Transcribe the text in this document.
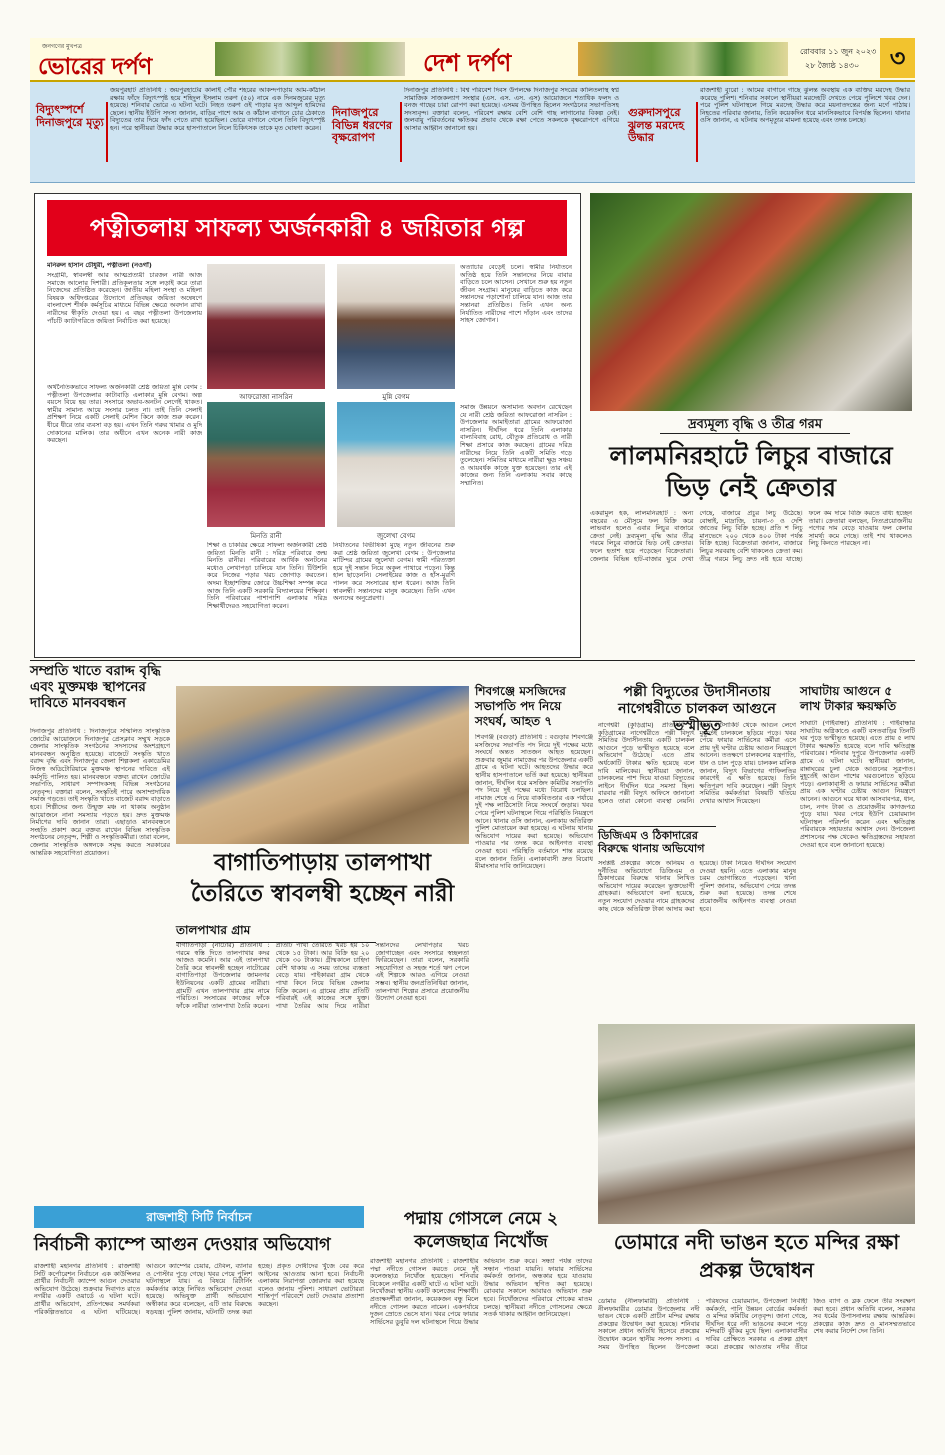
জনগণের মুখপত্র
ভোরের দর্পণ	দেশ দর্পণ	রোববার ১১ জুন ২০২৩
২৮ জ্যৈষ্ঠ ১৪৩০	৩
বিদ্যুৎস্পর্শে দিনাজপুরে মৃত্যু
জয়পুরহাট প্রতিনিধি : জয়পুরহাটের কালাই পৌর শহরের আকন্দপাড়ায় আম-কাঁঠাল রক্ষায় ফাঁদে বিদ্যুৎস্পৃষ্ট হয়ে শহিদুল ইসলাম তরুণ (৫০) নামে এক দিনমজুরের মৃত্যু হয়েছে। শনিবার ভোরে এ ঘটনা ঘটে। নিহত তরুণ ওই পাড়ার মৃত আব্দুল হামিদের ছেলে। স্থানীয় ইউপি সদস্য জানান, বাড়ির পাশে আম ও কাঁঠাল বাগানে চোর ঠেকাতে বিদ্যুতের তার দিয়ে ফাঁদ পেতে রাখা হয়েছিল। ভোরে বাগানে গেলে তিনি বিদ্যুৎস্পৃষ্ট হন। পরে স্থানীয়রা উদ্ধার করে হাসপাতালে নিলে চিকিৎসক তাকে মৃত ঘোষণা করেন।
দিনাজপুরে বিভিন্ন ধরণের বৃক্ষরোপণ
দিনাজপুর প্রতিনিধি : বিশ্ব পরিবেশ দিবস উপলক্ষে দিনাজপুর সদরের কালিতলাস্থ স্বপ্ন সামাজিক সাজকল্যাণ সংস্থার (এস. এস. এস. এস) আয়োজনে শতাধিক ফলদ ও বনজ গাছের চারা রোপণ করা হয়েছে। এসময় উপস্থিত ছিলেন সংগঠনের সভাপতিসহ সদস্যবৃন্দ। বক্তারা বলেন, পরিবেশ রক্ষায় বেশি বেশি গাছ লাগানোর বিকল্প নেই। জলবায়ু পরিবর্তনের ক্ষতিকর প্রভাব থেকে রক্ষা পেতে সকলকে বৃক্ষরোপণে এগিয়ে আসার আহ্বান জানানো হয়।
গুরুদাসপুরে ঝুলন্ত মরদেহ উদ্ধার
রাজশাহী ব্যুরো : আমের বাগানে গাছে ঝুলন্ত অবস্থায় এক ব্যক্তির মরদেহ উদ্ধার করেছে পুলিশ। শনিবার সকালে স্থানীয়রা মরদেহটি দেখতে পেয়ে পুলিশে খবর দেন। পরে পুলিশ ঘটনাস্থলে গিয়ে মরদেহ উদ্ধার করে ময়নাতদন্তের জন্য মর্গে পাঠায়। নিহতের পরিবার জানায়, তিনি কয়েকদিন ধরে মানসিকভাবে বিপর্যস্ত ছিলেন। থানার ওসি জানান, এ ঘটনায় অপমৃত্যুর মামলা হয়েছে এবং তদন্ত চলছে।
পত্নীতলায় সাফল্য অর্জনকারী ৪ জয়িতার গল্প
মনিরুল হাসান চৌধুরী, পত্নীতলা (নওগাঁ)
সংগ্রামী, স্বাবলম্বী আর আত্মপ্রত্যয়ী চারজন নারী আজ সমাজে আলোর দিশারী। প্রতিকূলতার সঙ্গে লড়াই করে তারা নিজেদের প্রতিষ্ঠিত করেছেন। জাতীয় মহিলা সংস্থা ও মহিলা বিষয়ক অধিদপ্তরের উদ্যোগে প্রতিবছর জয়িতা অন্বেষণে বাংলাদেশ শীর্ষক কর্মসূচির মাধ্যমে বিভিন্ন ক্ষেত্রে অবদান রাখা নারীদের স্বীকৃতি দেওয়া হয়। এ বছর পত্নীতলা উপজেলায় পাঁচটি ক্যাটাগরিতে জয়িতা নির্বাচিত করা হয়েছে।
অর্থনৈতিকভাবে সাফল্য অর্জনকারী শ্রেষ্ঠ জয়িতা মুন্নি বেগম : পত্নীতলা উপজেলার কাটাবাড়ি এলাকার মুন্নি বেগম। অল্প বয়সে বিয়ে হয় তার। সংসারে অভাব-অনটন লেগেই থাকত। স্বামীর সামান্য আয়ে সংসার চলত না। তাই তিনি সেলাই প্রশিক্ষণ নিয়ে একটি সেলাই মেশিন কিনে কাজ শুরু করেন। ধীরে ধীরে তার ব্যবসা বড় হয়। এখন তিনি গরুর খামার ও মুদি দোকানের মালিক। তার অধীনে এখন অনেক নারী কাজ করছেন।
আফরোজা নাসরিন	মুন্নি বেগম
মিনতি রানী	জুলেখা বেগম
অত্যাচার বেড়েই চলে। স্বামীর নির্যাতনে অতিষ্ঠ হয়ে তিনি সন্তানদের নিয়ে বাবার বাড়িতে চলে আসেন। সেখানে শুরু হয় নতুন জীবন সংগ্রাম। মানুষের বাড়িতে কাজ করে সন্তানদের পড়াশোনা চালিয়ে যান। আজ তার সন্তানরা প্রতিষ্ঠিত। তিনি এখন অন্য নির্যাতিত নারীদের পাশে দাঁড়ান এবং তাদের সাহস জোগান।
সমাজ উন্নয়নে অসামান্য অবদান রেখেছেন যে নারী শ্রেষ্ঠ জয়িতা আফরোজা নাসরিন : উপজেলার আমাইতারা গ্রামের আফরোজা নাসরিন। দীর্ঘদিন ধরে তিনি এলাকার বাল্যবিবাহ রোধ, যৌতুক প্রতিরোধ ও নারী শিক্ষা প্রসারে কাজ করছেন। গ্রামের দরিদ্র নারীদের নিয়ে তিনি একটি সমিতি গড়ে তুলেছেন। সমিতির মাধ্যমে নারীরা ক্ষুদ্র সঞ্চয় ও আয়বর্ধক কাজে যুক্ত হয়েছেন। তার এই কাজের জন্য তিনি এলাকায় সবার কাছে সম্মানিত।
শিক্ষা ও চাকরির ক্ষেত্রে সাফল্য অর্জনকারী শ্রেষ্ঠ জয়িতা মিনতি রানী : দরিদ্র পরিবারে জন্ম মিনতি রানীর। পরিবারের আর্থিক অনটনের মধ্যেও লেখাপড়া চালিয়ে যান তিনি। টিউশনি করে নিজের পড়ার খরচ জোগাড় করতেন। অদম্য ইচ্ছাশক্তির জোরে উচ্চশিক্ষা সম্পন্ন করে আজ তিনি একটি সরকারি বিদ্যালয়ের শিক্ষিকা। তিনি পরিবারের পাশাপাশি এলাকার দরিদ্র শিক্ষার্থীদেরও সহযোগিতা করেন।
নির্যাতনের বিভীষিকা মুছে নতুন জীবনের শুরু করা শ্রেষ্ঠ জয়িতা জুলেখা বেগম : উপজেলার মাটিন্দর গ্রামের জুলেখা বেগম। স্বামী পরিত্যক্তা হয়ে দুই সন্তান নিয়ে অকুল পাথারে পড়েন। কিন্তু হাল ছাড়েননি। সেলাইয়ের কাজ ও হাঁস-মুরগি পালন করে সংসারের হাল ধরেন। আজ তিনি স্বাবলম্বী। সন্তানদের মানুষ করেছেন। তিনি এখন অন্যদের অনুপ্রেরণা।
দ্রব্যমূল্য বৃদ্ধি ও তীব্র গরম
লালমনিরহাটে লিচুর বাজারে ভিড় নেই ক্রেতার
একরামুল হক, লালমনিরহাট : অন্য বছরের এ মৌসুমে ফল বিক্রি করে লাভবান হলেও এবার লিচুর বাজারে ক্রেতা নেই। দ্রব্যমূল্য বৃদ্ধি আর তীব্র গরমে লিচুর বাজারে ভিড় নেই ক্রেতার। ফলে হতাশ হয়ে পড়েছেন বিক্রেতারা। জেলার বিভিন্ন হাট-বাজার ঘুরে দেখা গেছে, বাজারে প্রচুর লিচু উঠেছে। বোম্বাই, মাদ্রাজি, চায়না-৩ ও দেশি জাতের লিচু বিক্রি হচ্ছে। প্রতি শ লিচু মানভেদে ২০০ থেকে ৪০০ টাকা পর্যন্ত বিক্রি হচ্ছে। বিক্রেতারা জানান, বাজারে লিচুর সরবরাহ বেশি থাকলেও ক্রেতা কম। তীব্র গরমে লিচু দ্রুত নষ্ট হয়ে যাচ্ছে। ফলে কম দামে বিক্রি করতে বাধ্য হচ্ছেন তারা। ক্রেতারা বলছেন, নিত্যপ্রয়োজনীয় পণ্যের দাম বেড়ে যাওয়ায় ফল কেনার সামর্থ্য কমে গেছে। তাই শখ থাকলেও লিচু কিনতে পারছেন না।
সম্প্রতি খাতে বরাদ্দ বৃদ্ধি এবং মুক্তমঞ্চ স্থাপনের দাবিতে মানববন্ধন
দিনাজপুর প্রতিনিধি : দিনাজপুরে সম্মিলিত সাংস্কৃতিক জোটের আয়োজনে দিনাজপুর প্রেসক্লাব সম্মুখ সড়কে জেলার সাংস্কৃতিক সংগঠনের সদস্যদের অংশগ্রহণে মানববন্ধন অনুষ্ঠিত হয়েছে। বাজেটে সংস্কৃতি খাতে বরাদ্দ বৃদ্ধি এবং দিনাজপুর জেলা শিল্পকলা একাডেমির নিজস্ব অডিটোরিয়ামে মুক্তমঞ্চ স্থাপনের দাবিতে এই কর্মসূচি পালিত হয়। মানববন্ধনে বক্তব্য রাখেন জোটের সভাপতি, সাধারণ সম্পাদকসহ বিভিন্ন সংগঠনের নেতৃবৃন্দ। বক্তারা বলেন, সংস্কৃতিই পারে অসাম্প্রদায়িক সমাজ গড়তে। তাই সংস্কৃতি খাতে বাজেট বরাদ্দ বাড়াতে হবে। শিল্পীদের জন্য উন্মুক্ত মঞ্চ না থাকায় অনুষ্ঠান আয়োজনে নানা সমস্যায় পড়তে হয়। দ্রুত মুক্তমঞ্চ নির্মাণের দাবি জানান তারা। এছাড়াও মানববন্ধনে সংহতি প্রকাশ করে বক্তব্য রাখেন বিভিন্ন সাংস্কৃতিক সংগঠনের নেতৃবৃন্দ, শিল্পী ও সংস্কৃতিকর্মীরা। তারা বলেন, জেলার সাংস্কৃতিক অঙ্গনকে সমৃদ্ধ করতে সরকারের আন্তরিক সহযোগিতা প্রয়োজন।	বাগাতিপাড়ায় তালপাখা তৈরিতে স্বাবলম্বী হচ্ছেন নারী
তালপাখার গ্রাম
বাগাতিপাড়া (নাটোর) প্রতিনিধি : গরমে স্বস্তি দিতে তালপাখার কদর আজও কমেনি। আর এই তালপাখা তৈরি করে স্বাবলম্বী হচ্ছেন নাটোরের বাগাতিপাড়া উপজেলার জামনগর ইউনিয়নের একটি গ্রামের নারীরা। গ্রামটি এখন তালপাখার গ্রাম নামে পরিচিত। সংসারের কাজের ফাঁকে ফাঁকে নারীরা তালপাখা তৈরি করেন। প্রতিটি পাখা তৈরিতে খরচ হয় ১০ থেকে ১৫ টাকা। আর বিক্রি হয় ২০ থেকে ৩০ টাকায়। গ্রীষ্মকালে চাহিদা বেশি থাকায় এ সময় তাদের ব্যস্ততা বেড়ে যায়। পাইকাররা গ্রাম থেকে পাখা কিনে নিয়ে বিভিন্ন জেলায় বিক্রি করেন। এ গ্রামের প্রায় প্রতিটি পরিবারই এই কাজের সঙ্গে যুক্ত। পাখা তৈরির আয় দিয়ে নারীরা সন্তানদের লেখাপড়ার খরচ জোগাচ্ছেন এবং সংসারে স্বচ্ছলতা ফিরিয়েছেন। তারা বলেন, সরকারি সহযোগিতা ও সহজ শর্তে ঋণ পেলে এই শিল্পকে আরও এগিয়ে নেওয়া সম্ভব। স্থানীয় জনপ্রতিনিধিরা জানান, তালপাখা শিল্পের প্রসারে প্রয়োজনীয় উদ্যোগ নেওয়া হবে।
শিবগঞ্জে মসজিদের সভাপতি পদ নিয়ে সংঘর্ষ, আহত ৭
শিবগঞ্জ (বগুড়া) প্রতিনিধি : বগুড়ার শিবগঞ্জে মসজিদের সভাপতি পদ নিয়ে দুই পক্ষের মধ্যে সংঘর্ষে অন্তত সাতজন আহত হয়েছেন। শুক্রবার জুমার নামাজের পর উপজেলার একটি গ্রামে এ ঘটনা ঘটে। আহতদের উদ্ধার করে স্থানীয় হাসপাতালে ভর্তি করা হয়েছে। স্থানীয়রা জানান, দীর্ঘদিন ধরে মসজিদ কমিটির সভাপতি পদ নিয়ে দুই পক্ষের মধ্যে বিরোধ চলছিল। নামাজ শেষে এ নিয়ে বাকবিতণ্ডার এক পর্যায়ে দুই পক্ষ লাঠিসোটা নিয়ে সংঘর্ষে জড়ায়। খবর পেয়ে পুলিশ ঘটনাস্থলে গিয়ে পরিস্থিতি নিয়ন্ত্রণে আনে। থানার ওসি জানান, এলাকায় অতিরিক্ত পুলিশ মোতায়েন করা হয়েছে। এ ঘটনায় থানায় অভিযোগ দায়ের করা হয়েছে। অভিযোগ পাওয়ার পর তদন্ত করে আইনগত ব্যবস্থা নেওয়া হবে। পরিস্থিতি বর্তমানে শান্ত রয়েছে বলে জানান তিনি। এলাকাবাসী দ্রুত বিরোধ মীমাংসার দাবি জানিয়েছেন।
পল্লী বিদ্যুতের উদাসীনতায় নাগেশ্বরীতে চালকল আগুনে ভস্মীভূত
নাগেশ্বরী (কুড়িগ্রাম) প্রতিনিধি : কুড়িগ্রামের নাগেশ্বরীতে পল্লী বিদ্যুৎ সমিতির উদাসীনতায় একটি চালকল আগুনে পুড়ে ভস্মীভূত হয়েছে বলে অভিযোগ উঠেছে। এতে প্রায় অর্ধকোটি টাকার ক্ষতি হয়েছে বলে দাবি মালিকের। স্থানীয়রা জানান, চালকলের পাশ দিয়ে যাওয়া বিদ্যুতের লাইনে দীর্ঘদিন ধরে সমস্যা ছিল। বারবার পল্লী বিদ্যুৎ অফিসে জানানো হলেও তারা কোনো ব্যবস্থা নেয়নি। হঠাৎ শর্টসার্কিট থেকে আগুন লেগে মুহূর্তেই চালকলে ছড়িয়ে পড়ে। খবর পেয়ে ফায়ার সার্ভিসের কর্মীরা এসে প্রায় দুই ঘণ্টার চেষ্টায় আগুন নিয়ন্ত্রণে আনেন। ততক্ষণে চালকলের যন্ত্রপাতি, ধান ও চাল পুড়ে যায়। চালকল মালিক জানান, বিদ্যুৎ বিভাগের গাফিলতির কারণেই এ ক্ষতি হয়েছে। তিনি ক্ষতিপূরণ দাবি করেছেন। পল্লী বিদ্যুৎ সমিতির কর্মকর্তারা বিষয়টি খতিয়ে দেখার আশ্বাস দিয়েছেন।
ডিজিএম ও ঠিকাদারের বিরুদ্ধে থানায় অভিযোগ
সংশ্লিষ্ট প্রকল্পের কাজে অনিয়ম ও দুর্নীতির অভিযোগে ডিজিএম ও ঠিকাদারের বিরুদ্ধে থানায় লিখিত অভিযোগ দায়ের করেছেন ভুক্তভোগী গ্রাহকরা। অভিযোগে বলা হয়েছে, নতুন সংযোগ দেওয়ার নামে গ্রাহকদের কাছ থেকে অতিরিক্ত টাকা আদায় করা হয়েছে। টাকা নিয়েও দীর্ঘদিন সংযোগ দেওয়া হয়নি। এতে এলাকার মানুষ চরম ভোগান্তিতে পড়েছেন। থানা পুলিশ জানায়, অভিযোগ পেয়ে তদন্ত শুরু করা হয়েছে। তদন্ত শেষে প্রয়োজনীয় আইনগত ব্যবস্থা নেওয়া হবে।
সাঘাটায় আগুনে ৫ লাখ টাকার ক্ষয়ক্ষতি
সাঘাটা (গাইবান্ধা) প্রতিনিধি : গাইবান্ধার সাঘাটায় অগ্নিকাণ্ডে একটি বসতবাড়ির তিনটি ঘর পুড়ে ভস্মীভূত হয়েছে। এতে প্রায় ৫ লাখ টাকার ক্ষয়ক্ষতি হয়েছে বলে দাবি ক্ষতিগ্রস্ত পরিবারের। শনিবার দুপুরে উপজেলার একটি গ্রামে এ ঘটনা ঘটে। স্থানীয়রা জানান, রান্নাঘরের চুলা থেকে আগুনের সূত্রপাত। মুহূর্তেই আগুন পাশের ঘরগুলোতে ছড়িয়ে পড়ে। এলাকাবাসী ও ফায়ার সার্ভিসের কর্মীরা প্রায় এক ঘণ্টার চেষ্টায় আগুন নিয়ন্ত্রণে আনেন। আগুনে ঘরে থাকা আসবাবপত্র, ধান, চাল, নগদ টাকা ও প্রয়োজনীয় কাগজপত্র পুড়ে যায়। খবর পেয়ে ইউপি চেয়ারম্যান ঘটনাস্থল পরিদর্শন করেন এবং ক্ষতিগ্রস্ত পরিবারকে সহায়তার আশ্বাস দেন। উপজেলা প্রশাসনের পক্ষ থেকেও ক্ষতিগ্রস্তদের সহায়তা দেওয়া হবে বলে জানানো হয়েছে।
রাজশাহী সিটি নির্বাচন
নির্বাচনী ক্যাম্পে আগুন দেওয়ার অভিযোগ
রাজশাহী মহানগর প্রতিনিধি : রাজশাহী সিটি কর্পোরেশন নির্বাচনে এক কাউন্সিলর প্রার্থীর নির্বাচনী ক্যাম্পে আগুন দেওয়ার অভিযোগ উঠেছে। শুক্রবার দিবাগত রাতে নগরীর একটি ওয়ার্ডে এ ঘটনা ঘটে। প্রার্থীর অভিযোগ, প্রতিপক্ষের সমর্থকরা পরিকল্পিতভাবে এ ঘটনা ঘটিয়েছে। আগুনে ক্যাম্পের চেয়ার, টেবিল, ব্যানার ও পোস্টার পুড়ে গেছে। খবর পেয়ে পুলিশ ঘটনাস্থলে যায়। এ বিষয়ে রিটার্নিং কর্মকর্তার কাছে লিখিত অভিযোগ দেওয়া হয়েছে। অভিযুক্ত প্রার্থী অভিযোগ অস্বীকার করে বলেছেন, এটি তার বিরুদ্ধে ষড়যন্ত্র। পুলিশ জানায়, ঘটনাটি তদন্ত করা হচ্ছে। প্রকৃত দোষীদের খুঁজে বের করে আইনের আওতায় আনা হবে। নির্বাচনী এলাকায় নিরাপত্তা জোরদার করা হয়েছে বলেও জানায় পুলিশ। সাধারণ ভোটাররা শান্তিপূর্ণ পরিবেশে ভোট দেওয়ার প্রত্যাশা করছেন।
পদ্মায় গোসলে নেমে ২ কলেজছাত্র নিখোঁজ
রাজশাহী মহানগর প্রতিনিধি : রাজশাহীর পদ্মা নদীতে গোসল করতে নেমে দুই কলেজছাত্র নিখোঁজ হয়েছেন। শনিবার বিকেলে নগরীর একটি ঘাটে এ ঘটনা ঘটে। নিখোঁজরা স্থানীয় একটি কলেজের শিক্ষার্থী। প্রত্যক্ষদর্শীরা জানান, কয়েকজন বন্ধু মিলে নদীতে গোসল করতে নামেন। একপর্যায়ে দুজন স্রোতে ভেসে যান। খবর পেয়ে ফায়ার সার্ভিসের ডুবুরি দল ঘটনাস্থলে গিয়ে উদ্ধার অভিযান শুরু করে। সন্ধ্যা পর্যন্ত তাদের সন্ধান পাওয়া যায়নি। ফায়ার সার্ভিসের কর্মকর্তা জানান, অন্ধকার হয়ে যাওয়ায় উদ্ধার অভিযান স্থগিত করা হয়েছে। রোববার সকালে আবারও অভিযান শুরু হবে। নিখোঁজদের পরিবারে শোকের মাতম চলছে। স্থানীয়রা নদীতে গোসলের ক্ষেত্রে সতর্ক থাকার আহ্বান জানিয়েছেন।
ডোমারে নদী ভাঙন হতে মন্দির রক্ষা প্রকল্প উদ্বোধন
ডোমার (নীলফামারী) প্রতিনিধি : নীলফামারীর ডোমার উপজেলায় নদী ভাঙন থেকে একটি প্রাচীন মন্দির রক্ষায় প্রকল্পের উদ্বোধন করা হয়েছে। শনিবার সকালে প্রধান অতিথি হিসেবে প্রকল্পের উদ্বোধন করেন স্থানীয় সংসদ সদস্য। এ সময় উপস্থিত ছিলেন উপজেলা পরিষদের চেয়ারম্যান, উপজেলা নির্বাহী কর্মকর্তা, পানি উন্নয়ন বোর্ডের কর্মকর্তা ও মন্দির কমিটির নেতৃবৃন্দ। জানা গেছে, দীর্ঘদিন ধরে নদী ভাঙনের কবলে পড়ে মন্দিরটি ঝুঁকির মুখে ছিল। এলাকাবাসীর দাবির প্রেক্ষিতে সরকার এ প্রকল্প গ্রহণ করে। প্রকল্পের আওতায় নদীর তীরে জিও ব্যাগ ও ব্লক ফেলে তীর সংরক্ষণ করা হবে। প্রধান অতিথি বলেন, সরকার সব ধর্মের উপাসনালয় রক্ষায় আন্তরিক। প্রকল্পের কাজ দ্রুত ও মানসম্মতভাবে শেষ করার নির্দেশ দেন তিনি।
